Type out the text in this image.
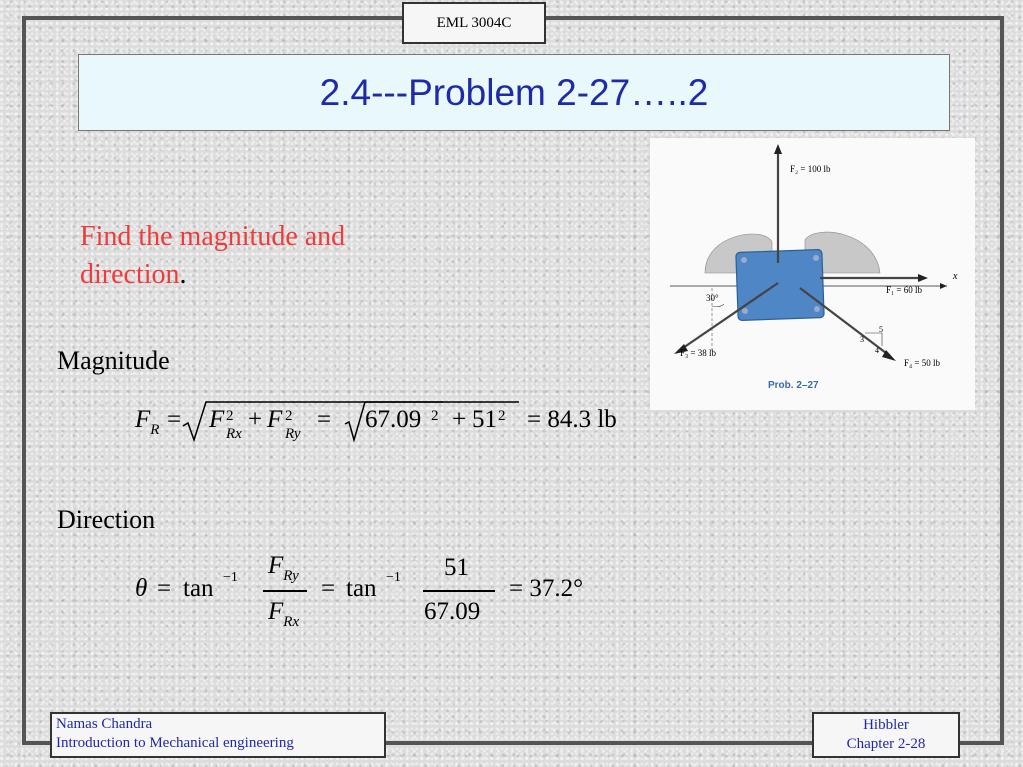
EML 3004C
2.4---Problem 2-27…..2
Find the magnitude and direction.
Magnitude
$F_R = F$ 2
Rx
+ F 2
Ry
= 67.09 2 + 51 2 = 84.3 lb
Direction
θ = tan −1 $F_{Ry}$
$F_{Rx}$
= tan −1 51
67.09
= 37.2°
F₂ = 100 lb
x
F₁ = 60 lb
30°
5
3
4
F₃ = 38 lb
F₄ = 50 lb
Prob. 2–27
Namas Chandra
Introduction to Mechanical engineering
Hibbler
Chapter 2-28
